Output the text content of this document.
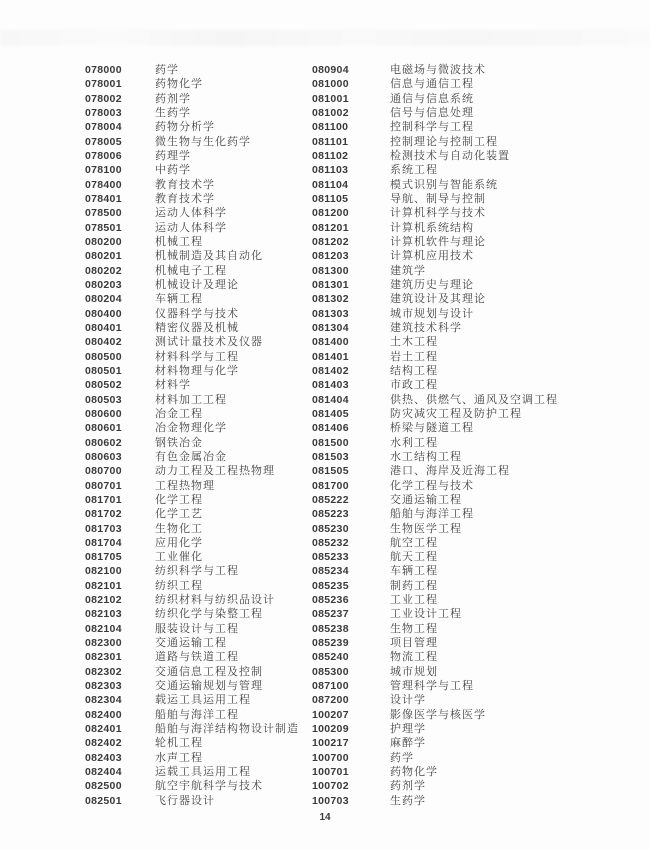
078000	药学
078001	药物化学
078002	药剂学
078003	生药学
078004	药物分析学
078005	微生物与生化药学
078006	药理学
078100	中药学
078400	教育技术学
078401	教育技术学
078500	运动人体科学
078501	运动人体科学
080200	机械工程
080201	机械制造及其自动化
080202	机械电子工程
080203	机械设计及理论
080204	车辆工程
080400	仪器科学与技术
080401	精密仪器及机械
080402	测试计量技术及仪器
080500	材料科学与工程
080501	材料物理与化学
080502	材料学
080503	材料加工工程
080600	冶金工程
080601	冶金物理化学
080602	钢铁冶金
080603	有色金属冶金
080700	动力工程及工程热物理
080701	工程热物理
081701	化学工程
081702	化学工艺
081703	生物化工
081704	应用化学
081705	工业催化
082100	纺织科学与工程
082101	纺织工程
082102	纺织材料与纺织品设计
082103	纺织化学与染整工程
082104	服装设计与工程
082300	交通运输工程
082301	道路与铁道工程
082302	交通信息工程及控制
082303	交通运输规划与管理
082304	载运工具运用工程
082400	船舶与海洋工程
082401	船舶与海洋结构物设计制造
082402	轮机工程
082403	水声工程
082404	运载工具运用工程
082500	航空宇航科学与技术
082501	飞行器设计
080904	电磁场与微波技术
081000	信息与通信工程
081001	通信与信息系统
081002	信号与信息处理
081100	控制科学与工程
081101	控制理论与控制工程
081102	检测技术与自动化装置
081103	系统工程
081104	模式识别与智能系统
081105	导航、制导与控制
081200	计算机科学与技术
081201	计算机系统结构
081202	计算机软件与理论
081203	计算机应用技术
081300	建筑学
081301	建筑历史与理论
081302	建筑设计及其理论
081303	城市规划与设计
081304	建筑技术科学
081400	土木工程
081401	岩土工程
081402	结构工程
081403	市政工程
081404	供热、供燃气、通风及空调工程
081405	防灾减灾工程及防护工程
081406	桥梁与隧道工程
081500	水利工程
081503	水工结构工程
081505	港口、海岸及近海工程
081700	化学工程与技术
085222	交通运输工程
085223	船舶与海洋工程
085230	生物医学工程
085232	航空工程
085233	航天工程
085234	车辆工程
085235	制药工程
085236	工业工程
085237	工业设计工程
085238	生物工程
085239	项目管理
085240	物流工程
085300	城市规划
087100	管理科学与工程
087200	设计学
100207	影像医学与核医学
100209	护理学
100217	麻醉学
100700	药学
100701	药物化学
100702	药剂学
100703	生药学
14
